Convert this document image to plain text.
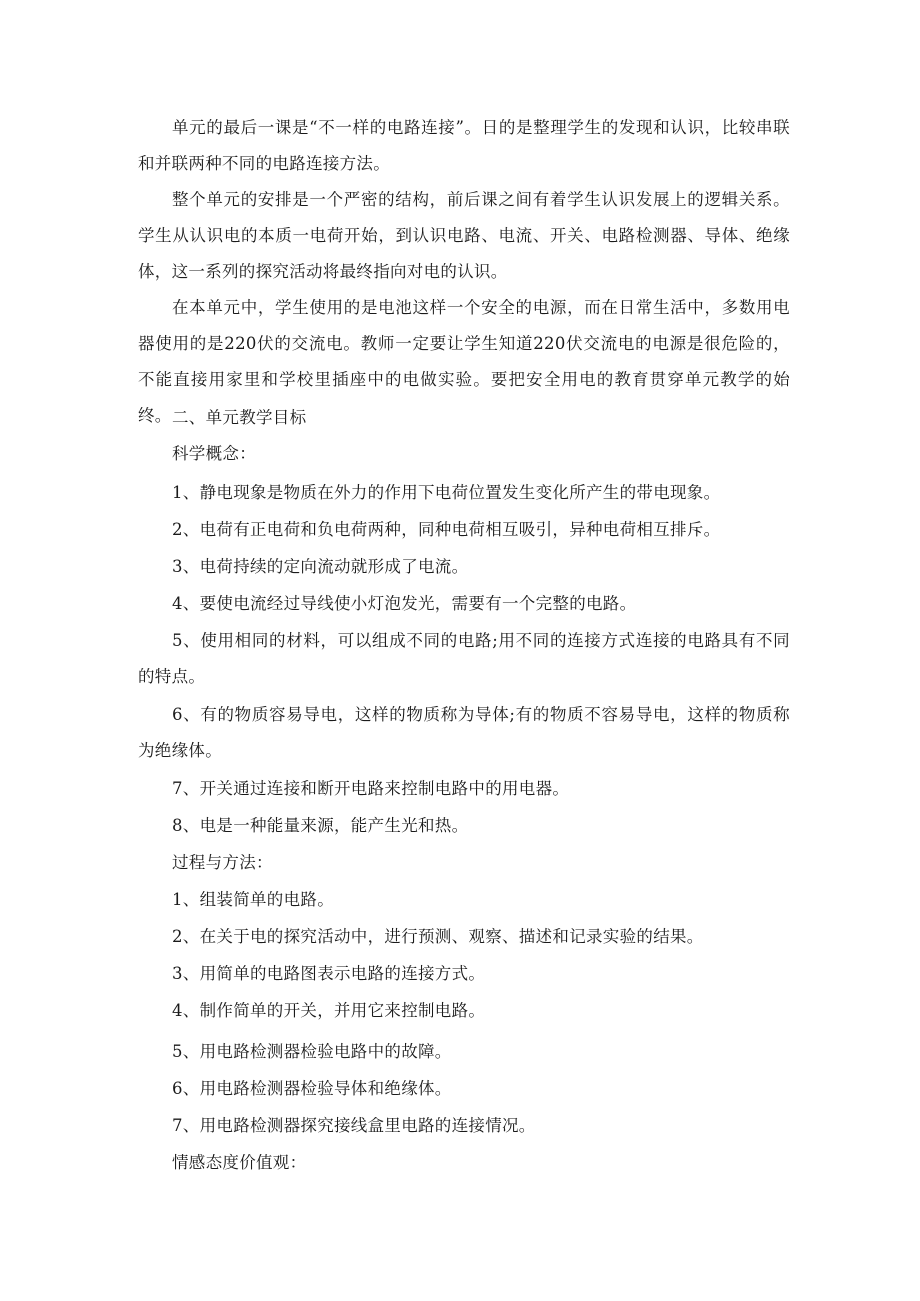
单元的最后一课是“不一样的电路连接”。日的是整理学生的发现和认识，比较串联和并联两种不同的电路连接方法。

整个单元的安排是一个严密的结构，前后课之间有着学生认识发展上的逻辑关系。学生从认识电的本质一电荷开始，到认识电路、电流、开关、电路检测器、导体、绝缘体，这一系列的探究活动将最终指向对电的认识。

在本单元中，学生使用的是电池这样一个安全的电源，而在日常生活中，多数用电器使用的是220伏的交流电。教师一定要让学生知道220伏交流电的电源是很危险的，不能直接用家里和学校里插座中的电做实验。要把安全用电的教育贯穿单元教学的始终。 二、单元教学目标

科学概念：

1、静电现象是物质在外力的作用下电荷位置发生变化所产生的带电现象。

2、电荷有正电荷和负电荷两种，同种电荷相互吸引，异种电荷相互排斥。

3、电荷持续的定向流动就形成了电流。

4、要使电流经过导线使小灯泡发光，需要有一个完整的电路。

5、使用相同的材料，可以组成不同的电路;用不同的连接方式连接的电路具有不同的特点。

6、有的物质容易导电，这样的物质称为导体;有的物质不容易导电，这样的物质称为绝缘体。

7、开关通过连接和断开电路来控制电路中的用电器。

8、电是一种能量来源，能产生光和热。

过程与方法：

1、组装简单的电路。

2、在关于电的探究活动中，进行预测、观察、描述和记录实验的结果。

3、用简单的电路图表示电路的连接方式。

4、制作简单的开关，并用它来控制电路。

5、用电路检测器检验电路中的故障。

6、用电路检测器检验导体和绝缘体。

7、用电路检测器探究接线盒里电路的连接情况。

情感态度价值观：
